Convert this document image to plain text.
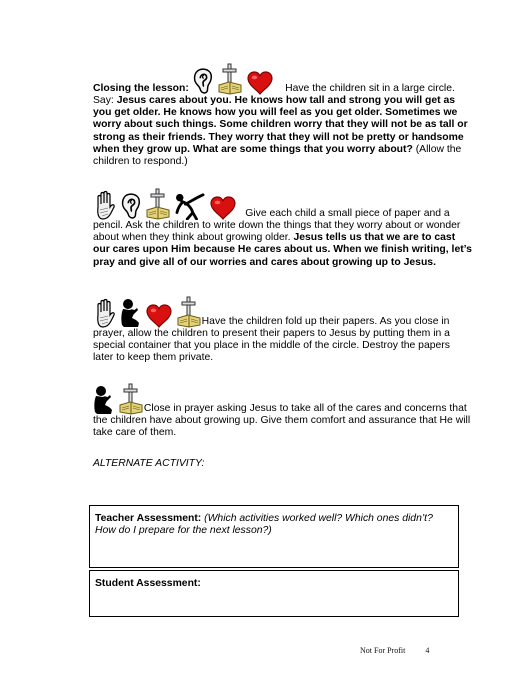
Closing the lesson:	Have the children sit in a large circle.
Say: Jesus cares about you. He knows how tall and strong you will get as you get older. He knows how you will feel as you get older. Sometimes we worry about such things. Some children worry that they will not be as tall or strong as their friends. They worry that they will not be pretty or handsome when they grow up. What are some things that you worry about? (Allow the children to respond.)
Give each child a small piece of paper and a pencil. Ask the children to write down the things that they worry about or wonder about when they think about growing older. Jesus tells us that we are to cast our cares upon Him because He cares about us. When we finish writing, let’s pray and give all of our worries and cares about growing up to Jesus.
Have the children fold up their papers. As you close in prayer, allow the children to present their papers to Jesus by putting them in a special container that you place in the middle of the circle. Destroy the papers later to keep them private.
Close in prayer asking Jesus to take all of the cares and concerns that the children have about growing up. Give them comfort and assurance that He will take care of them.
ALTERNATE ACTIVITY:
Teacher Assessment: (Which activities worked well? Which ones didn’t? How do I prepare for the next lesson?)
Student Assessment:
Not For Profit	4
